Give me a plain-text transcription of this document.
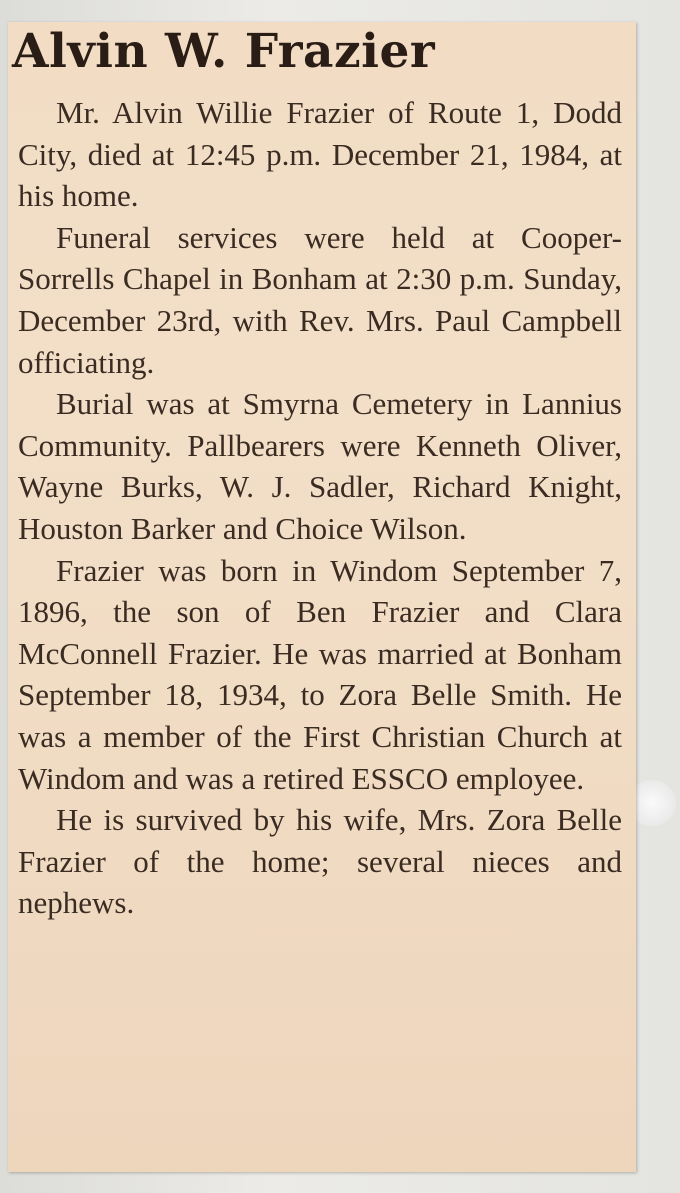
Alvin W. Frazier

Mr. Alvin Willie Frazier of Route 1, Dodd City, died at 12:45 p.m. December 21, 1984, at his home.

Funeral services were held at Cooper-Sorrells Chapel in Bonham at 2:30 p.m. Sunday, December 23rd, with Rev. Mrs. Paul Campbell officiating.

Burial was at Smyrna Cemetery in Lannius Community. Pallbearers were Kenneth Oliver, Wayne Burks, W. J. Sadler, Richard Knight, Houston Barker and Choice Wilson.

Frazier was born in Windom September 7, 1896, the son of Ben Frazier and Clara McConnell Frazier. He was married at Bonham September 18, 1934, to Zora Belle Smith. He was a member of the First Christian Church at Windom and was a retired ESSCO employee.

He is survived by his wife, Mrs. Zora Belle Frazier of the home; several nieces and nephews.
